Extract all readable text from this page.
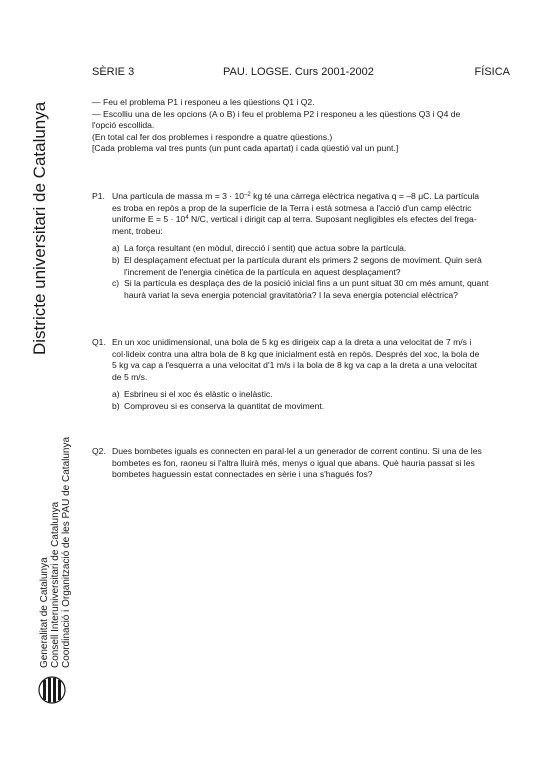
SÈRIE 3	PAU. LOGSE. Curs 2001-2002	FÍSICA
Districte universitari de Catalunya
Generalitat de Catalunya Consell Interuniversitari de Catalunya Coordinació i Organització de les PAU de Catalunya
— Feu el problema P1 i responeu a les qüestions Q1 i Q2.
— Escolliu una de les opcions (A o B) i feu el problema P2 i responeu a les qüestions Q3 i Q4 de
l'opció escollida.
(En total cal fer dos problemes i respondre a quatre qüestions.)
[Cada problema val tres punts (un punt cada apartat) i cada qüestió val un punt.]
P1. Una partícula de massa $m = 3 \cdot 10^{-2}$ kg té una càrrega elèctrica negativa q = –8 μC. La partícula
es troba en repòs a prop de la superfície de la Terra i està sotmesa a l'acció d'un camp elèctric
uniforme $E = 5 \cdot 10^4$ N/C, vertical i dirigit cap al terra. Suposant negligibles els efectes del frega-
ment, trobeu:
a) La força resultant (en mòdul, direcció i sentit) que actua sobre la partícula.
b) El desplaçament efectuat per la partícula durant els primers 2 segons de moviment. Quin serà
l'increment de l'energia cinètica de la partícula en aquest desplaçament?
c) Si la partícula es desplaça des de la posició inicial fins a un punt situat 30 cm més amunt, quant
haurà variat la seva energia potencial gravitatòria? I la seva energia potencial elèctrica?
Q1. En un xoc unidimensional, una bola de 5 kg es dirigeix cap a la dreta a una velocitat de 7 m/s i
col·lideix contra una altra bola de 8 kg que inicialment està en repòs. Després del xoc, la bola de
5 kg va cap a l'esquerra a una velocitat d'1 m/s i la bola de 8 kg va cap a la dreta a una velocitat
de 5 m/s.
a) Esbrineu si el xoc és elàstic o inelàstic.
b) Comproveu si es conserva la quantitat de moviment.
Q2. Dues bombetes iguals es connecten en paral·lel a un generador de corrent continu. Si una de les
bombetes es fon, raoneu si l'altra lluirà més, menys o igual que abans. Què hauria passat si les
bombetes haguessin estat connectades en sèrie i una s'hagués fos?
